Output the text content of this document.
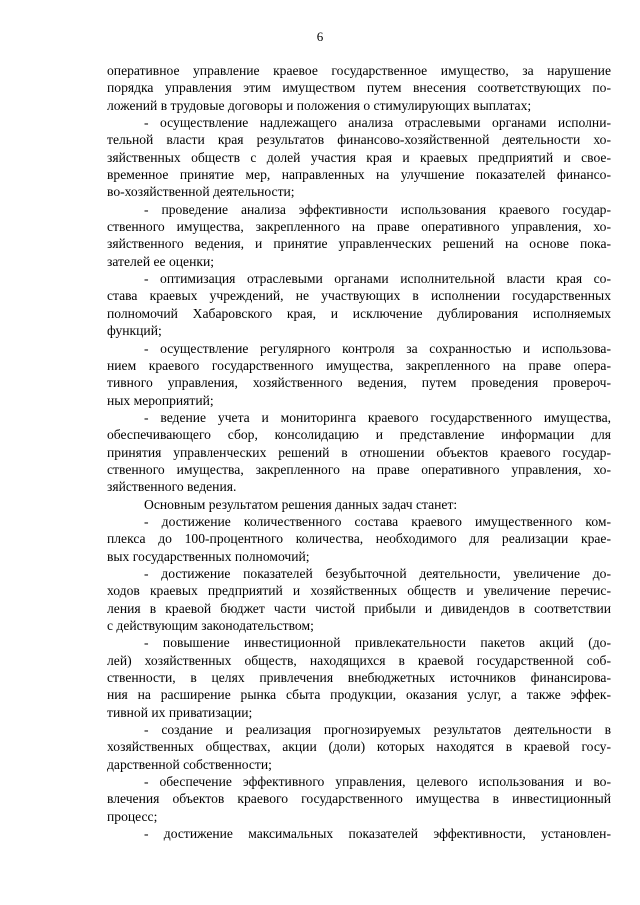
6
оперативное управление краевое государственное имущество, за нарушение
порядка управления этим имуществом путем внесения соответствующих по-
ложений в трудовые договоры и положения о стимулирующих выплатах;
- осуществление надлежащего анализа отраслевыми органами исполни-
тельной власти края результатов финансово-хозяйственной деятельности хо-
зяйственных обществ с долей участия края и краевых предприятий и свое-
временное принятие мер, направленных на улучшение показателей финансо-
во-хозяйственной деятельности;
- проведение анализа эффективности использования краевого государ-
ственного имущества, закрепленного на праве оперативного управления, хо-
зяйственного ведения, и принятие управленческих решений на основе пока-
зателей ее оценки;
- оптимизация отраслевыми органами исполнительной власти края со-
става краевых учреждений, не участвующих в исполнении государственных
полномочий Хабаровского края, и исключение дублирования исполняемых
функций;
- осуществление регулярного контроля за сохранностью и использова-
нием краевого государственного имущества, закрепленного на праве опера-
тивного управления, хозяйственного ведения, путем проведения провероч-
ных мероприятий;
- ведение учета и мониторинга краевого государственного имущества,
обеспечивающего сбор, консолидацию и представление информации для
принятия управленческих решений в отношении объектов краевого государ-
ственного имущества, закрепленного на праве оперативного управления, хо-
зяйственного ведения.
Основным результатом решения данных задач станет:
- достижение количественного состава краевого имущественного ком-
плекса до 100-процентного количества, необходимого для реализации крае-
вых государственных полномочий;
- достижение показателей безубыточной деятельности, увеличение до-
ходов краевых предприятий и хозяйственных обществ и увеличение перечис-
ления в краевой бюджет части чистой прибыли и дивидендов в соответствии
с действующим законодательством;
- повышение инвестиционной привлекательности пакетов акций (до-
лей) хозяйственных обществ, находящихся в краевой государственной соб-
ственности, в целях привлечения внебюджетных источников финансирова-
ния на расширение рынка сбыта продукции, оказания услуг, а также эффек-
тивной их приватизации;
- создание и реализация прогнозируемых результатов деятельности в
хозяйственных обществах, акции (доли) которых находятся в краевой госу-
дарственной собственности;
- обеспечение эффективного управления, целевого использования и во-
влечения объектов краевого государственного имущества в инвестиционный
процесс;
- достижение максимальных показателей эффективности, установлен-
